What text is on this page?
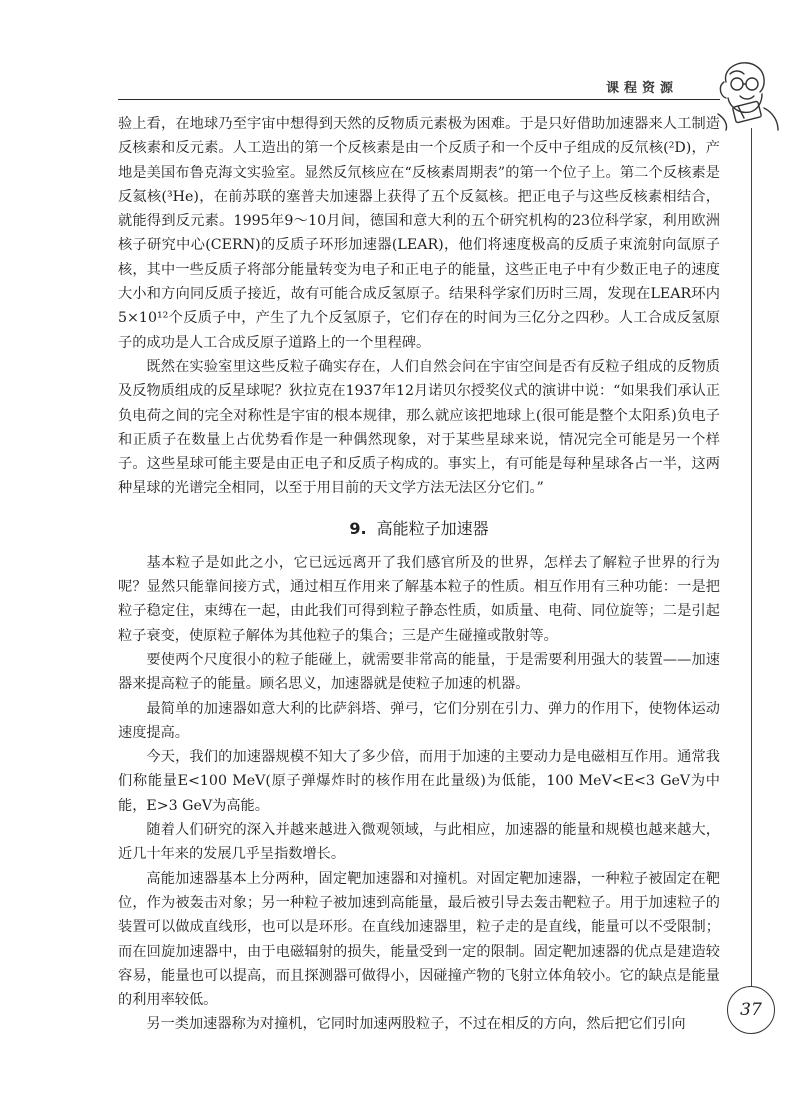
课程资源

验上看，在地球乃至宇宙中想得到天然的反物质元素极为困难。于是只好借助加速器来人工制造反核素和反元素。人工造出的第一个反核素是由一个反质子和一个反中子组成的反氘核(²D)，产地是美国布鲁克海文实验室。显然反氘核应在“反核素周期表”的第一个位子上。第二个反核素是反氦核(³He)，在前苏联的塞普夫加速器上获得了五个反氦核。把正电子与这些反核素相结合，就能得到反元素。1995年9～10月间，德国和意大利的五个研究机构的23位科学家，利用欧洲核子研究中心(CERN)的反质子环形加速器(LEAR)，他们将速度极高的反质子束流射向氙原子核，其中一些反质子将部分能量转变为电子和正电子的能量，这些正电子中有少数正电子的速度大小和方向同反质子接近，故有可能合成反氢原子。结果科学家们历时三周，发现在LEAR环内5×10¹²个反质子中，产生了九个反氢原子，它们存在的时间为三亿分之四秒。人工合成反氢原子的成功是人工合成反原子道路上的一个里程碑。

既然在实验室里这些反粒子确实存在，人们自然会问在宇宙空间是否有反粒子组成的反物质及反物质组成的反星球呢？狄拉克在1937年12月诺贝尔授奖仪式的演讲中说：“如果我们承认正负电荷之间的完全对称性是宇宙的根本规律，那么就应该把地球上(很可能是整个太阳系)负电子和正质子在数量上占优势看作是一种偶然现象，对于某些星球来说，情况完全可能是另一个样子。这些星球可能主要是由正电子和反质子构成的。事实上，有可能是每种星球各占一半，这两种星球的光谱完全相同，以至于用目前的天文学方法无法区分它们。”

9. 高能粒子加速器

基本粒子是如此之小，它已远远离开了我们感官所及的世界，怎样去了解粒子世界的行为呢？显然只能靠间接方式，通过相互作用来了解基本粒子的性质。相互作用有三种功能：一是把粒子稳定住，束缚在一起，由此我们可得到粒子静态性质，如质量、电荷、同位旋等；二是引起粒子衰变，使原粒子解体为其他粒子的集合；三是产生碰撞或散射等。

要使两个尺度很小的粒子能碰上，就需要非常高的能量，于是需要利用强大的装置——加速器来提高粒子的能量。顾名思义，加速器就是使粒子加速的机器。

最简单的加速器如意大利的比萨斜塔、弹弓，它们分别在引力、弹力的作用下，使物体运动速度提高。

今天，我们的加速器规模不知大了多少倍，而用于加速的主要动力是电磁相互作用。通常我们称能量E<100 MeV(原子弹爆炸时的核作用在此量级)为低能，100 MeV<E<3 GeV为中能，E>3 GeV为高能。

随着人们研究的深入并越来越进入微观领域，与此相应，加速器的能量和规模也越来越大，近几十年来的发展几乎呈指数增长。

高能加速器基本上分两种，固定靶加速器和对撞机。对固定靶加速器，一种粒子被固定在靶位，作为被轰击对象；另一种粒子被加速到高能量，最后被引导去轰击靶粒子。用于加速粒子的装置可以做成直线形，也可以是环形。在直线加速器里，粒子走的是直线，能量可以不受限制；而在回旋加速器中，由于电磁辐射的损失，能量受到一定的限制。固定靶加速器的优点是建造较容易，能量也可以提高，而且探测器可做得小，因碰撞产物的飞射立体角较小。它的缺点是能量的利用率较低。

另一类加速器称为对撞机，它同时加速两股粒子，不过在相反的方向，然后把它们引向

37
